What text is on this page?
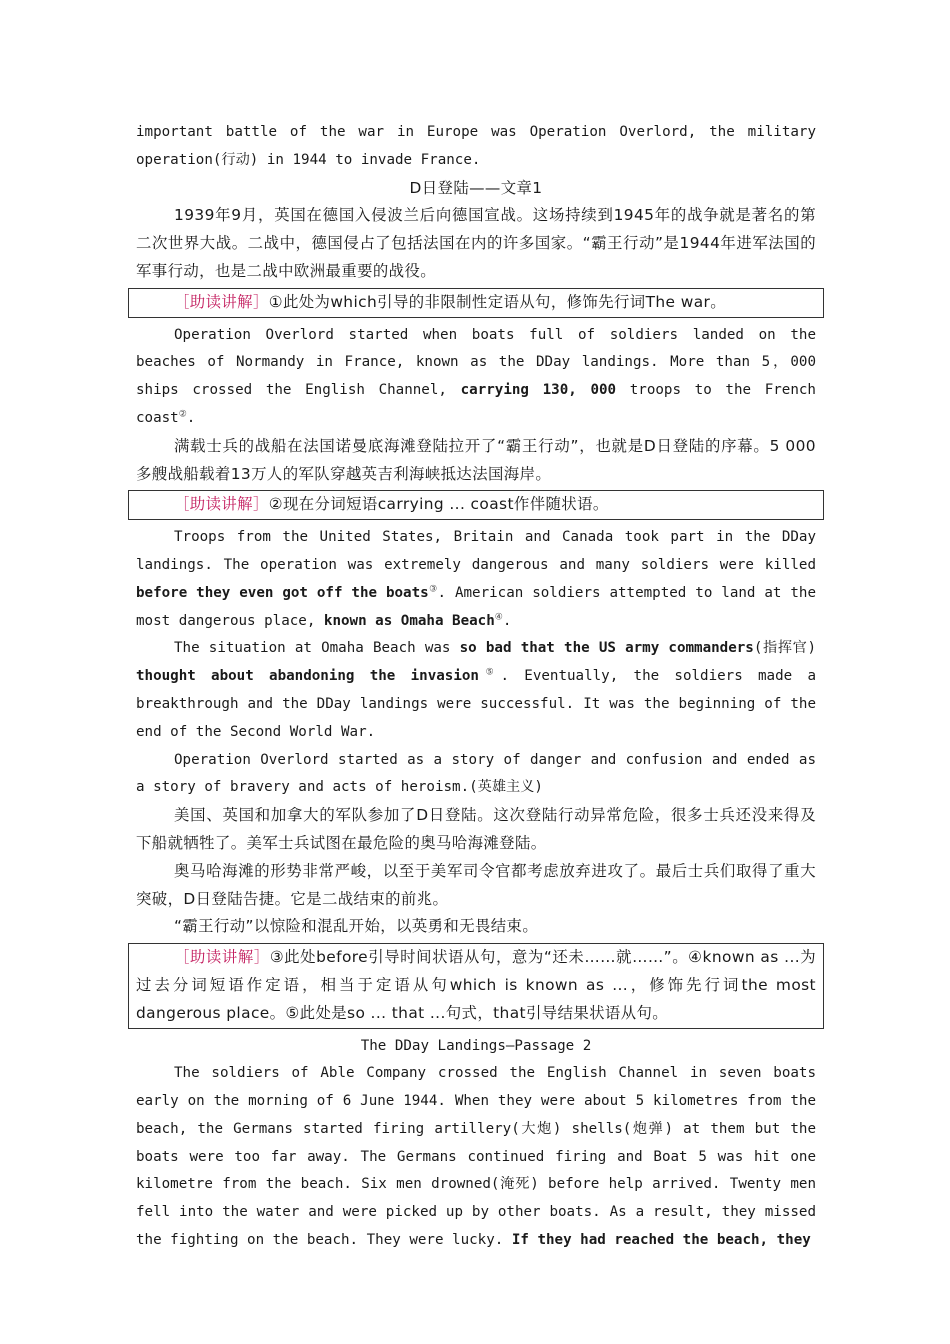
important battle of the war in Europe was Operation Overlord, the military operation(行动) in 1944 to invade France.

D日登陆——文章1

1939年9月，英国在德国入侵波兰后向德国宣战。这场持续到1945年的战争就是著名的第二次世界大战。二战中，德国侵占了包括法国在内的许多国家。“霸王行动”是1944年进军法国的军事行动，也是二战中欧洲最重要的战役。

［助读讲解］①此处为which引导的非限制性定语从句，修饰先行词The war。

Operation Overlord started when boats full of soldiers landed on the beaches of Normandy in France, known as the DDay landings. More than 5，000 ships crossed the English Channel, carrying 130, 000 troops to the French coast②.

满载士兵的战船在法国诺曼底海滩登陆拉开了“霸王行动”，也就是D日登陆的序幕。5 000多艘战船载着13万人的军队穿越英吉利海峡抵达法国海岸。

［助读讲解］②现在分词短语carrying ... coast作伴随状语。

Troops from the United States, Britain and Canada took part in the DDay landings. The operation was extremely dangerous and many soldiers were killed before they even got off the boats③. American soldiers attempted to land at the most dangerous place, known as Omaha Beach④.

The situation at Omaha Beach was so bad that the US army commanders(指挥官) thought about abandoning the invasion⑤. Eventually, the soldiers made a breakthrough and the DDay landings were successful. It was the beginning of the end of the Second World War.

Operation Overlord started as a story of danger and confusion and ended as a story of bravery and acts of heroism.(英雄主义)

美国、英国和加拿大的军队参加了D日登陆。这次登陆行动异常危险，很多士兵还没来得及下船就牺牲了。美军士兵试图在最危险的奥马哈海滩登陆。

奥马哈海滩的形势非常严峻，以至于美军司令官都考虑放弃进攻了。最后士兵们取得了重大突破，D日登陆告捷。它是二战结束的前兆。

“霸王行动”以惊险和混乱开始，以英勇和无畏结束。

［助读讲解］③此处before引导时间状语从句，意为“还未……就……”。④known as ...为过去分词短语作定语，相当于定语从句which is known as ...，修饰先行词the most dangerous place。⑤此处是so ... that ...句式，that引导结果状语从句。

The DDay Landings—Passage 2

The soldiers of Able Company crossed the English Channel in seven boats early on the morning of 6 June 1944. When they were about 5 kilometres from the beach, the Germans started firing artillery(大炮) shells(炮弹) at them but the boats were too far away. The Germans continued firing and Boat 5 was hit one kilometre from the beach. Six men drowned(淹死) before help arrived. Twenty men fell into the water and were picked up by other boats. As a result, they missed the fighting on the beach. They were lucky. If they had reached the beach, they
